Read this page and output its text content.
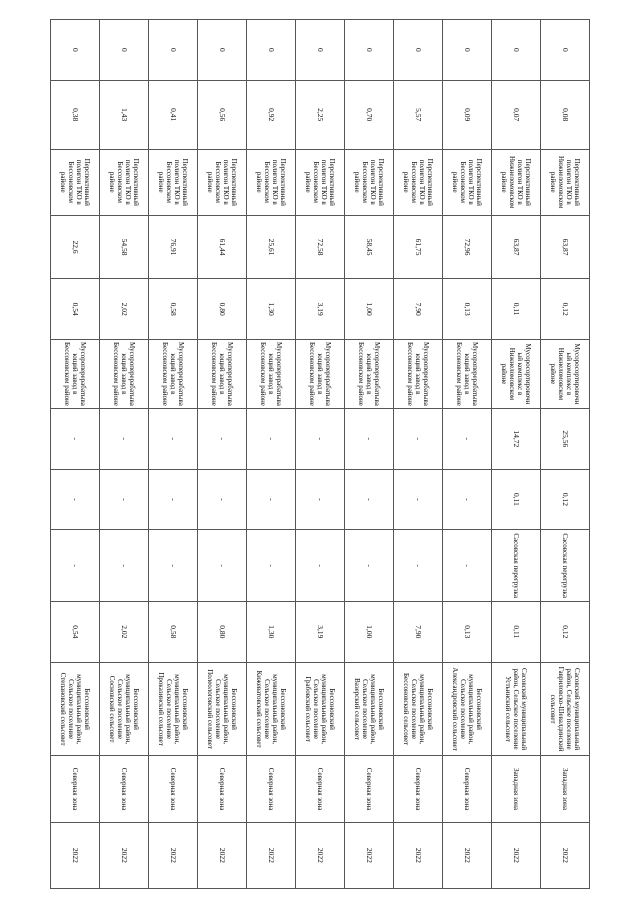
0	0,08	Перспективный полигон ТКО в Нижнеломовском районе	63,87	0,12	Мусоросортировочный комплекс в Нижнеломовском районе	25,56	0,12	Сасовская перегрузка	0,12	Сасовский муниципальный район, Сельское поселение Гавриловско-Шевалдинский сельсовет	Западная зона	2022

0	0,07	Перспективный полигон ТКО в Нижнеломовском районе	63,87	0,11	Мусоросортировочный комплекс в Нижнеломовском районе	14,72	0,11	Сасовская перегрузка	0,11	Сасовский муниципальный район, Сельское поселение Устьинский сельсовет	Западная зона	2022

0	0,09	Перспективный полигон ТКО в Бессоновском районе	72,96	0,13	Мусороперерабатывающий завод в Бессоновском районе	-	-	-	0,13	Бессоновский муниципальный район, Сельское поселение Александровский сельсовет	Северная зона	2022

0	5,57	Перспективный полигон ТКО в Бессоновском районе	61,75	7,90	Мусороперерабатывающий завод в Бессоновском районе	-	-	-	7,90	Бессоновский муниципальный район, Сельское поселение Бессоновский сельсовет	Северная зона	2022

0	0,70	Перспективный полигон ТКО в Бессоновском районе	58,45	1,00	Мусороперерабатывающий завод в Бессоновском районе	-	-	-	1,00	Бессоновский муниципальный район, Сельское поселение Вазерский сельсовет	Северная зона	2022

0	2,25	Перспективный полигон ТКО в Бессоновском районе	72,58	3,19	Мусороперерабатывающий завод в Бессоновском районе	-	-	-	3,19	Бессоновский муниципальный район, Сельское поселение Грабовский сельсовет	Северная зона	2022

0	0,92	Перспективный полигон ТКО в Бессоновском районе	25,61	1,30	Мусороперерабатывающий завод в Бессоновском районе	-	-	-	1,30	Бессоновский муниципальный район, Сельское поселение Кижеватовский сельсовет	Северная зона	2022

0	0,56	Перспективный полигон ТКО в Бессоновском районе	61,44	0,80	Мусороперерабатывающий завод в Бессоновском районе	-	-	-	0,80	Бессоновский муниципальный район, Сельское поселение Полеологовский сельсовет	Северная зона	2022

0	0,41	Перспективный полигон ТКО в Бессоновском районе	76,91	0,58	Мусороперерабатывающий завод в Бессоновском районе	-	-	-	0,58	Бессоновский муниципальный район, Сельское поселение Проказинский сельсовет	Северная зона	2022

0	1,43	Перспективный полигон ТКО в Бессоновском районе	54,58	2,02	Мусороперерабатывающий завод в Бессоновском районе	-	-	-	2,02	Бессоновский муниципальный район, Сельское поселение Сосновский сельсовет	Северная зона	2022

0	0,38	Перспективный полигон ТКО в Бессоновском районе	22,6	0,54	Мусороперерабатывающий завод в Бессоновском районе	-	-	-	0,54	Бессоновский муниципальный район, Сельское поселение Степановский сельсовет	Северная зона	2022
